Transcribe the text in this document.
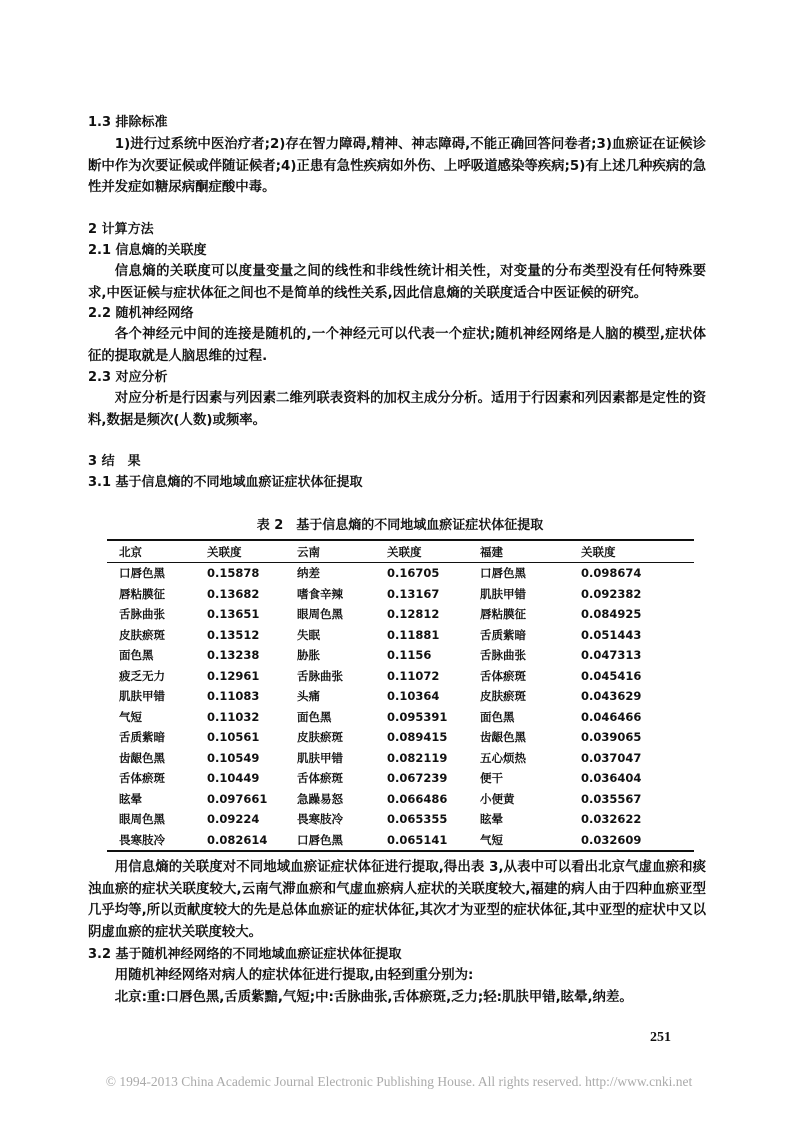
1.3 排除标准
1)进行过系统中医治疗者;2)存在智力障碍,精神、神志障碍,不能正确回答问卷者;3)血瘀证在证候诊断中作为次要证候或伴随证候者;4)正患有急性疾病如外伤、上呼吸道感染等疾病;5)有上述几种疾病的急性并发症如糖尿病酮症酸中毒。
2 计算方法
2.1 信息熵的关联度
信息熵的关联度可以度量变量之间的线性和非线性统计相关性，对变量的分布类型没有任何特殊要求,中医证候与症状体征之间也不是简单的线性关系,因此信息熵的关联度适合中医证候的研究。
2.2 随机神经网络
各个神经元中间的连接是随机的,一个神经元可以代表一个症状;随机神经网络是人脑的模型,症状体征的提取就是人脑思维的过程.
2.3 对应分析
对应分析是行因素与列因素二维列联表资料的加权主成分分析。适用于行因素和列因素都是定性的资料,数据是频次(人数)或频率。
3 结　果
3.1 基于信息熵的不同地域血瘀证症状体征提取
表 2　基于信息熵的不同地域血瘀证症状体征提取
北京	关联度	云南	关联度	福建	关联度
口唇色黑	0.15878	纳差	0.16705	口唇色黑	0.098674
唇粘膜征	0.13682	嗜食辛辣	0.13167	肌肤甲错	0.092382
舌脉曲张	0.13651	眼周色黑	0.12812	唇粘膜征	0.084925
皮肤瘀斑	0.13512	失眠	0.11881	舌质紫暗	0.051443
面色黑	0.13238	胁胀	0.1156	舌脉曲张	0.047313
疲乏无力	0.12961	舌脉曲张	0.11072	舌体瘀斑	0.045416
肌肤甲错	0.11083	头痛	0.10364	皮肤瘀斑	0.043629
气短	0.11032	面色黑	0.095391	面色黑	0.046466
舌质紫暗	0.10561	皮肤瘀斑	0.089415	齿龈色黑	0.039065
齿龈色黑	0.10549	肌肤甲错	0.082119	五心烦热	0.037047
舌体瘀斑	0.10449	舌体瘀斑	0.067239	便干	0.036404
眩晕	0.097661	急躁易怒	0.066486	小便黄	0.035567
眼周色黑	0.09224	畏寒肢冷	0.065355	眩晕	0.032622
畏寒肢冷	0.082614	口唇色黑	0.065141	气短	0.032609
用信息熵的关联度对不同地域血瘀证症状体征进行提取,得出表 3,从表中可以看出北京气虚血瘀和痰浊血瘀的症状关联度较大,云南气滞血瘀和气虚血瘀病人症状的关联度较大,福建的病人由于四种血瘀亚型几乎均等,所以贡献度较大的先是总体血瘀证的症状体征,其次才为亚型的症状体征,其中亚型的症状中又以阴虚血瘀的症状关联度较大。
3.2 基于随机神经网络的不同地域血瘀证症状体征提取
用随机神经网络对病人的症状体征进行提取,由轻到重分别为:
北京:重:口唇色黑,舌质紫黯,气短;中:舌脉曲张,舌体瘀斑,乏力;轻:肌肤甲错,眩晕,纳差。
251
© 1994-2013 China Academic Journal Electronic Publishing House. All rights reserved. http://www.cnki.net
